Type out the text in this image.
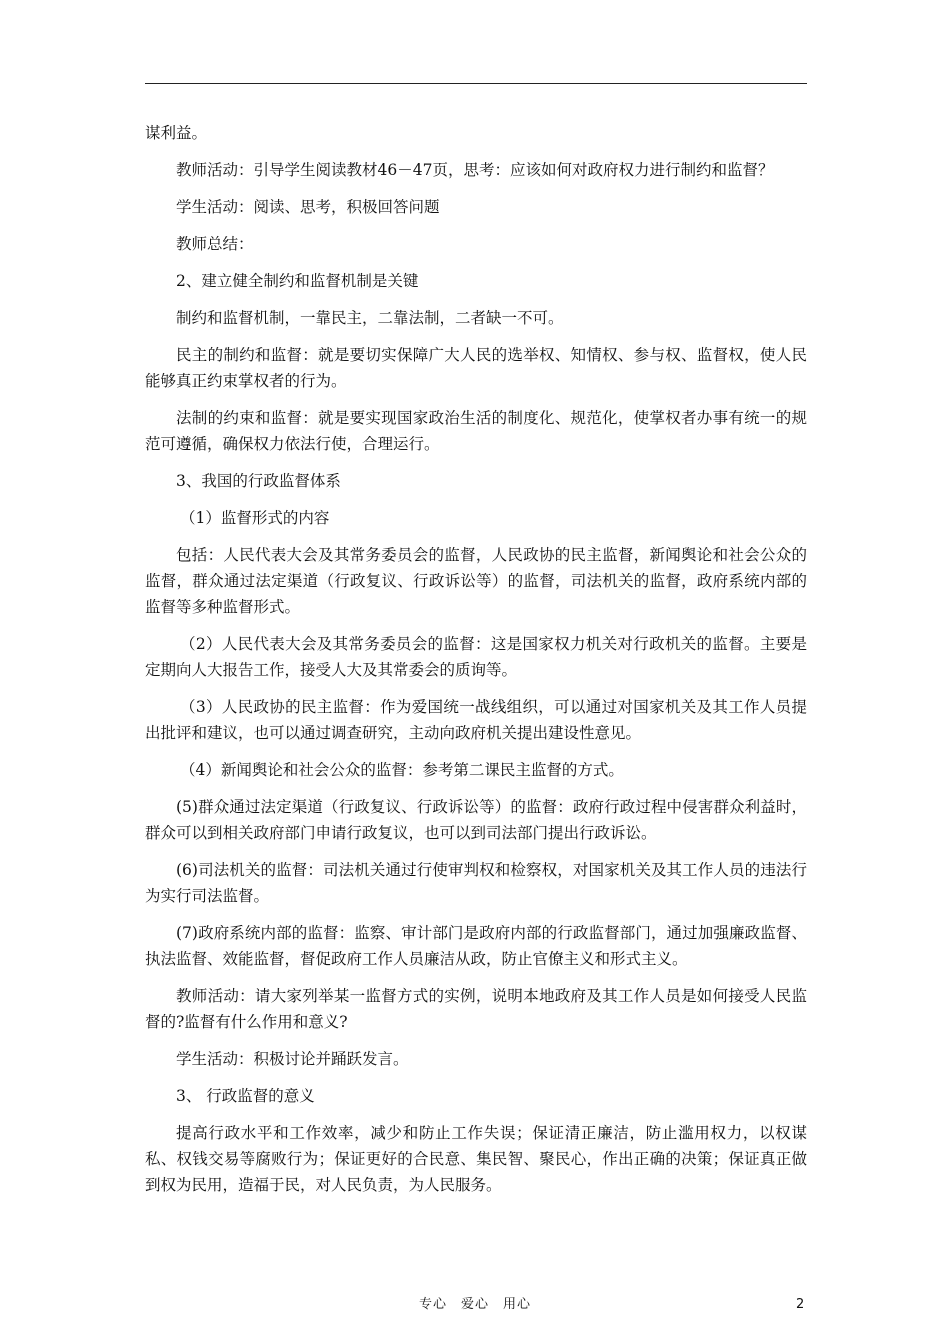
谋利益。

教师活动：引导学生阅读教材46－47页，思考：应该如何对政府权力进行制约和监督？

学生活动：阅读、思考，积极回答问题

教师总结：

2、建立健全制约和监督机制是关键

制约和监督机制，一靠民主，二靠法制，二者缺一不可。

民主的制约和监督：就是要切实保障广大人民的选举权、知情权、参与权、监督权，使人民能够真正约束掌权者的行为。

法制的约束和监督：就是要实现国家政治生活的制度化、规范化，使掌权者办事有统一的规范可遵循，确保权力依法行使，合理运行。

3、我国的行政监督体系

（1）监督形式的内容

包括：人民代表大会及其常务委员会的监督，人民政协的民主监督，新闻舆论和社会公众的监督，群众通过法定渠道（行政复议、行政诉讼等）的监督，司法机关的监督，政府系统内部的监督等多种监督形式。

（2）人民代表大会及其常务委员会的监督：这是国家权力机关对行政机关的监督。主要是定期向人大报告工作，接受人大及其常委会的质询等。

（3）人民政协的民主监督：作为爱国统一战线组织，可以通过对国家机关及其工作人员提出批评和建议，也可以通过调查研究，主动向政府机关提出建设性意见。

（4）新闻舆论和社会公众的监督：参考第二课民主监督的方式。

(5)群众通过法定渠道（行政复议、行政诉讼等）的监督：政府行政过程中侵害群众利益时，群众可以到相关政府部门申请行政复议，也可以到司法部门提出行政诉讼。

(6)司法机关的监督：司法机关通过行使审判权和检察权，对国家机关及其工作人员的违法行为实行司法监督。

(7)政府系统内部的监督：监察、审计部门是政府内部的行政监督部门，通过加强廉政监督、执法监督、效能监督，督促政府工作人员廉洁从政，防止官僚主义和形式主义。

教师活动：请大家列举某一监督方式的实例，说明本地政府及其工作人员是如何接受人民监督的?监督有什么作用和意义?

学生活动：积极讨论并踊跃发言。

3、 行政监督的意义

提高行政水平和工作效率，减少和防止工作失误；保证清正廉洁，防止滥用权力，以权谋私、权钱交易等腐败行为；保证更好的合民意、集民智、聚民心，作出正确的决策；保证真正做到权为民用，造福于民，对人民负责，为人民服务。

专心　爱心　用心	2
